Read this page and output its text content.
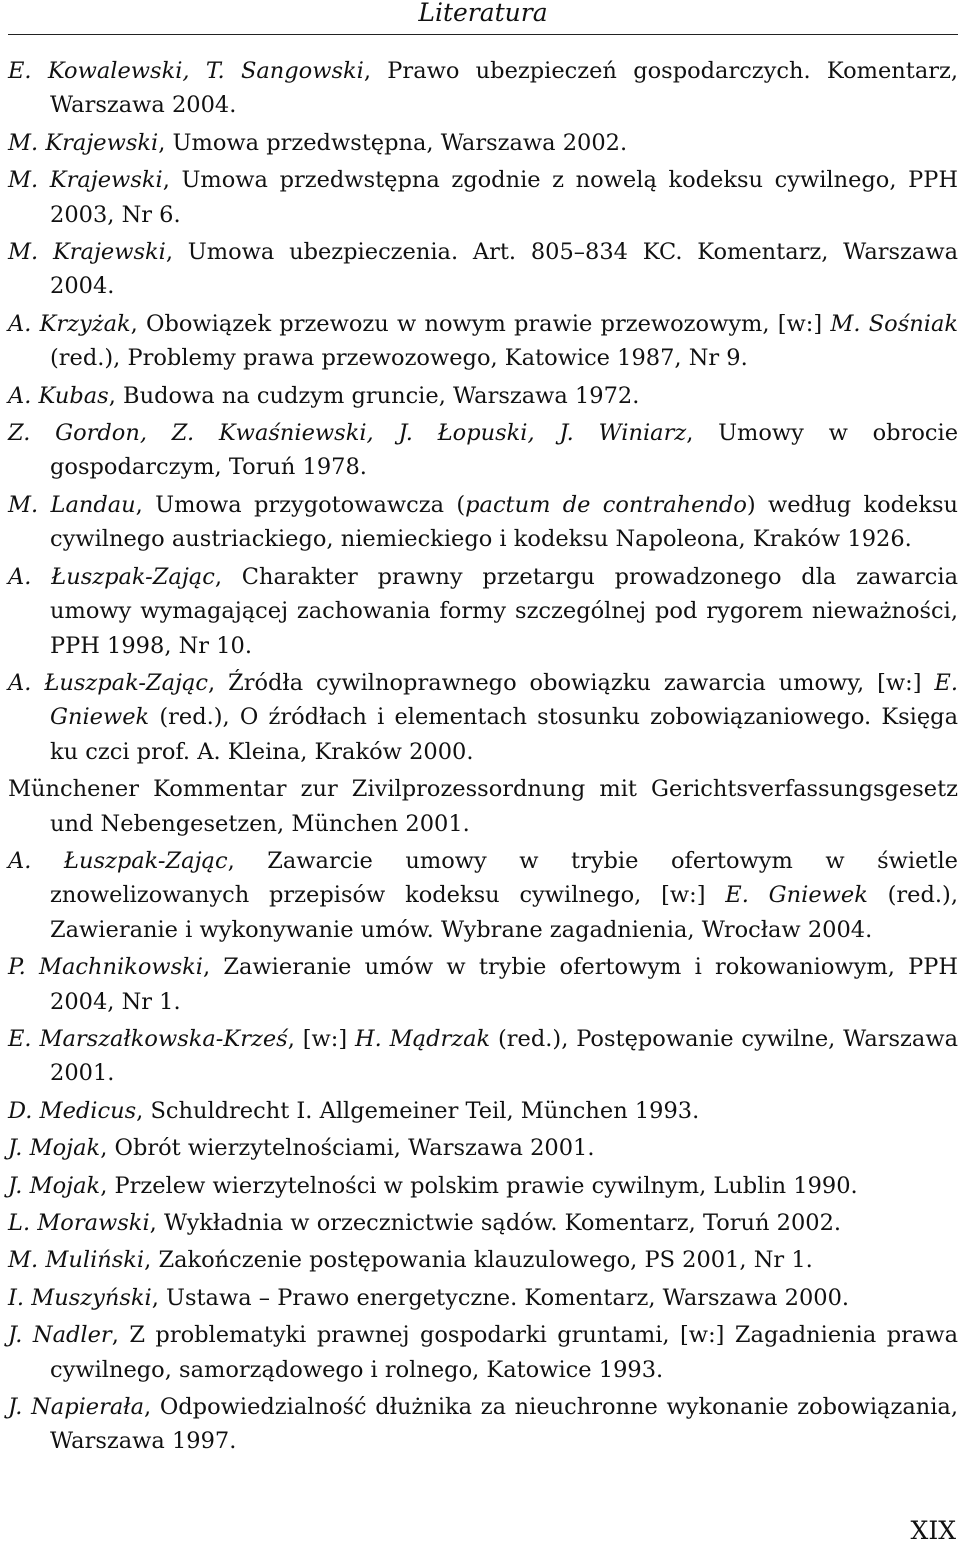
Literatura

E. Kowalewski, T. Sangowski, Prawo ubezpieczeń gospodarczych. Komentarz, Warszawa 2004.

M. Krajewski, Umowa przedwstępna, Warszawa 2002.

M. Krajewski, Umowa przedwstępna zgodnie z nowelą kodeksu cywilnego, PPH 2003, Nr 6.

M. Krajewski, Umowa ubezpieczenia. Art. 805–834 KC. Komentarz, Warszawa 2004.

A. Krzyżak, Obowiązek przewozu w nowym prawie przewozowym, [w:] M. Sośniak (red.), Problemy prawa przewozowego, Katowice 1987, Nr 9.

A. Kubas, Budowa na cudzym gruncie, Warszawa 1972.

Z. Gordon, Z. Kwaśniewski, J. Łopuski, J. Winiarz, Umowy w obrocie gospodarczym, Toruń 1978.

M. Landau, Umowa przygotowawcza (pactum de contrahendo) według kodeksu cywilnego austriackiego, niemieckiego i kodeksu Napoleona, Kraków 1926.

A. Łuszpak-Zając, Charakter prawny przetargu prowadzonego dla zawarcia umowy wymagającej zachowania formy szczególnej pod rygorem nieważności, PPH 1998, Nr 10.

A. Łuszpak-Zając, Źródła cywilnoprawnego obowiązku zawarcia umowy, [w:] E. Gniewek (red.), O źródłach i elementach stosunku zobowiązaniowego. Księga ku czci prof. A. Kleina, Kraków 2000.

Münchener Kommentar zur Zivilprozessordnung mit Gerichtsverfassungsgesetz und Nebengesetzen, München 2001.

A. Łuszpak-Zając, Zawarcie umowy w trybie ofertowym w świetle znowelizowanych przepisów kodeksu cywilnego, [w:] E. Gniewek (red.), Zawieranie i wykonywanie umów. Wybrane zagadnienia, Wrocław 2004.

P. Machnikowski, Zawieranie umów w trybie ofertowym i rokowaniowym, PPH 2004, Nr 1.

E. Marszałkowska-Krześ, [w:] H. Mądrzak (red.), Postępowanie cywilne, Warszawa 2001.

D. Medicus, Schuldrecht I. Allgemeiner Teil, München 1993.

J. Mojak, Obrót wierzytelnościami, Warszawa 2001.

J. Mojak, Przelew wierzytelności w polskim prawie cywilnym, Lublin 1990.

L. Morawski, Wykładnia w orzecznictwie sądów. Komentarz, Toruń 2002.

M. Muliński, Zakończenie postępowania klauzulowego, PS 2001, Nr 1.

I. Muszyński, Ustawa – Prawo energetyczne. Komentarz, Warszawa 2000.

J. Nadler, Z problematyki prawnej gospodarki gruntami, [w:] Zagadnienia prawa cywilnego, samorządowego i rolnego, Katowice 1993.

J. Napierała, Odpowiedzialność dłużnika za nieuchronne wykonanie zobowiązania, Warszawa 1997.

XIX
